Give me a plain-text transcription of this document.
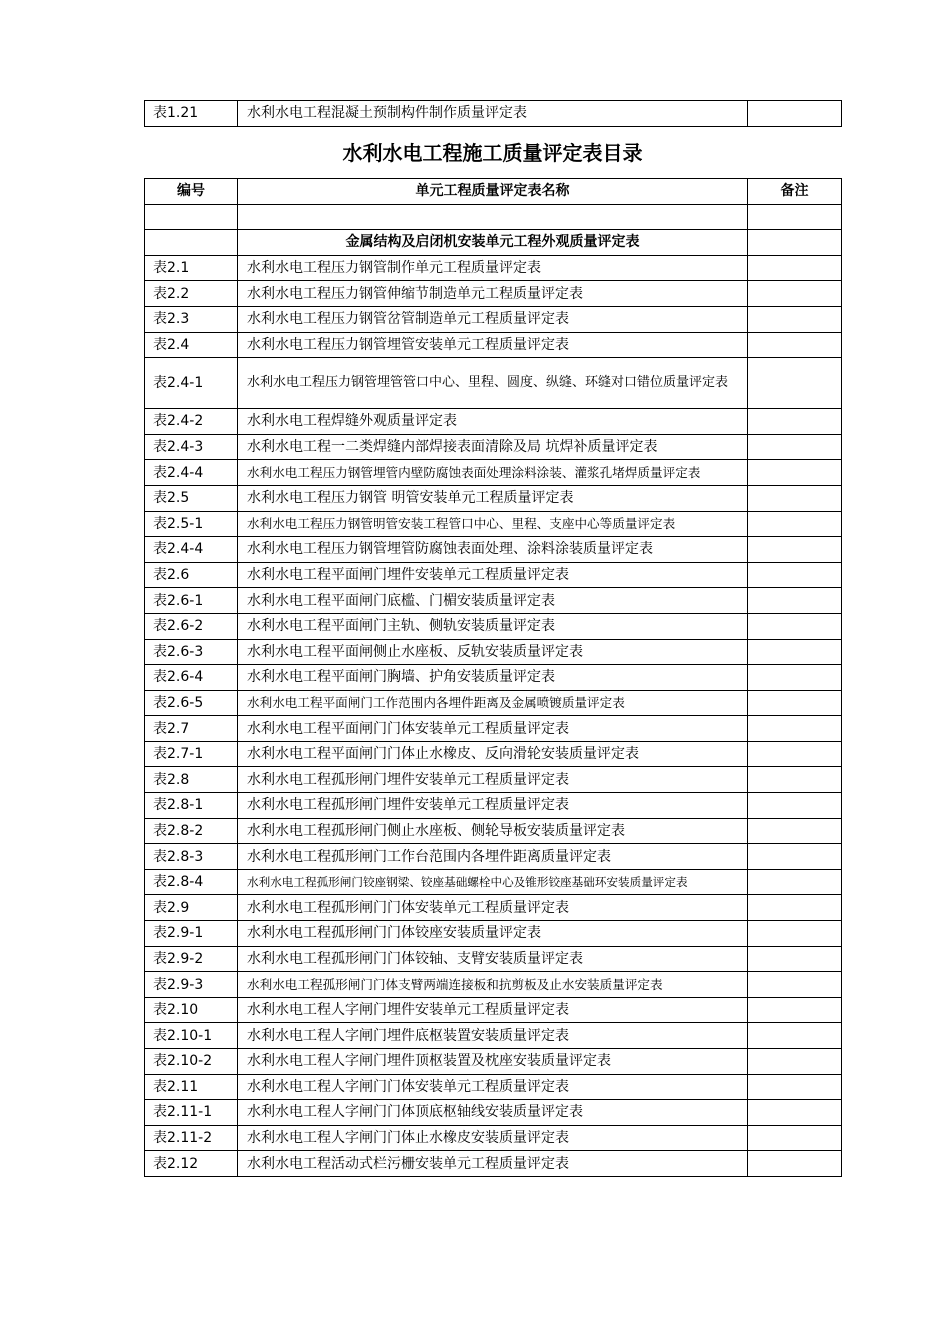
表1.21	水利水电工程混凝土预制构件制作质量评定表	
水利水电工程施工质量评定表目录
编号	单元工程质量评定表名称	备注

	金属结构及启闭机安装单元工程外观质量评定表	
表2.1	水利水电工程压力钢管制作单元工程质量评定表	
表2.2	水利水电工程压力钢管伸缩节制造单元工程质量评定表	
表2.3	水利水电工程压力钢管岔管制造单元工程质量评定表	
表2.4	水利水电工程压力钢管埋管安装单元工程质量评定表	
表2.4-1	水利水电工程压力钢管埋管管口中心、里程、圆度、纵缝、环缝对口错位质量评定表	
表2.4-2	水利水电工程焊缝外观质量评定表	
表2.4-3	水利水电工程一二类焊缝内部焊接表面清除及局 坑焊补质量评定表	
表2.4-4	水利水电工程压力钢管埋管内壁防腐蚀表面处理涂料涂装、灌浆孔堵焊质量评定表	
表2.5	水利水电工程压力钢管 明管安装单元工程质量评定表	
表2.5-1	水利水电工程压力钢管明管安装工程管口中心、里程、支座中心等质量评定表	
表2.4-4	水利水电工程压力钢管埋管防腐蚀表面处理、涂料涂装质量评定表	
表2.6	水利水电工程平面闸门埋件安装单元工程质量评定表	
表2.6-1	水利水电工程平面闸门底槛、门楣安装质量评定表	
表2.6-2	水利水电工程平面闸门主轨、侧轨安装质量评定表	
表2.6-3	水利水电工程平面闸侧止水座板、反轨安装质量评定表	
表2.6-4	水利水电工程平面闸门胸墙、护角安装质量评定表	
表2.6-5	水利水电工程平面闸门工作范围内各埋件距离及金属喷镀质量评定表	
表2.7	水利水电工程平面闸门门体安装单元工程质量评定表	
表2.7-1	水利水电工程平面闸门门体止水橡皮、反向滑轮安装质量评定表	
表2.8	水利水电工程孤形闸门埋件安装单元工程质量评定表	
表2.8-1	水利水电工程孤形闸门埋件安装单元工程质量评定表	
表2.8-2	水利水电工程孤形闸门侧止水座板、侧轮导板安装质量评定表	
表2.8-3	水利水电工程孤形闸门工作台范围内各埋件距离质量评定表	
表2.8-4	水利水电工程孤形闸门铰座钢梁、铰座基础螺栓中心及锥形铰座基础环安装质量评定表	
表2.9	水利水电工程孤形闸门门体安装单元工程质量评定表	
表2.9-1	水利水电工程孤形闸门门体铰座安装质量评定表	
表2.9-2	水利水电工程孤形闸门门体铰轴、支臂安装质量评定表	
表2.9-3	水利水电工程孤形闸门门体支臂两端连接板和抗剪板及止水安装质量评定表	
表2.10	水利水电工程人字闸门埋件安装单元工程质量评定表	
表2.10-1	水利水电工程人字闸门埋件底枢装置安装质量评定表	
表2.10-2	水利水电工程人字闸门埋件顶枢装置及枕座安装质量评定表	
表2.11	水利水电工程人字闸门门体安装单元工程质量评定表	
表2.11-1	水利水电工程人字闸门门体顶底枢轴线安装质量评定表	
表2.11-2	水利水电工程人字闸门门体止水橡皮安装质量评定表	
表2.12	水利水电工程活动式栏污栅安装单元工程质量评定表	
